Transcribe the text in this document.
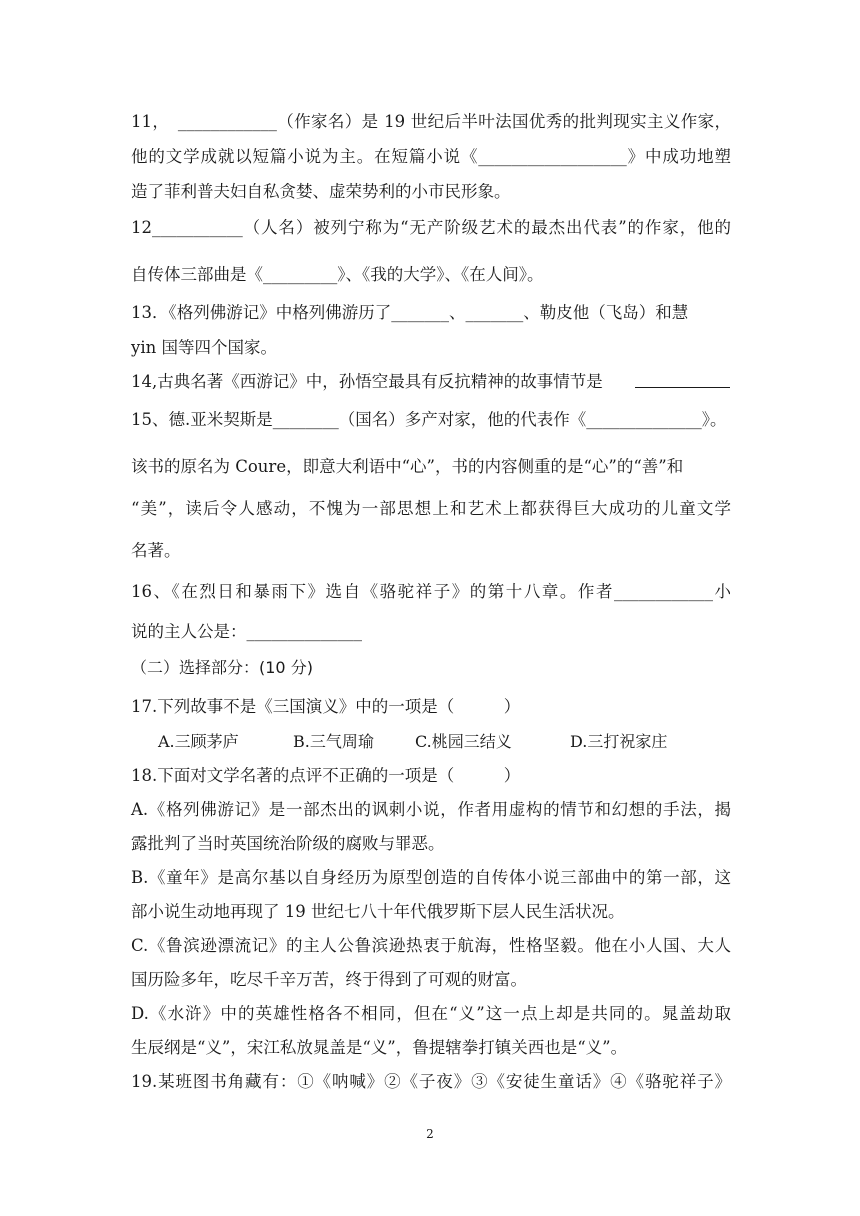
11，　____________（作家名）是 19 世纪后半叶法国优秀的批判现实主义作家，
他的文学成就以短篇小说为主。在短篇小说《__________________》中成功地塑
造了菲利普夫妇自私贪婪、虚荣势利的小市民形象。
12___________（人名）被列宁称为“无产阶级艺术的最杰出代表”的作家，他的
自传体三部曲是《_________》、《我的大学》、《在人间》。
13．《格列佛游记》中格列佛游历了_______、_______、勒皮他（飞岛）和慧
yin 国等四个国家。
14,古典名著《西游记》中，孙悟空最具有反抗精神的故事情节是
15、德.亚米契斯是________（国名）多产对家，他的代表作《______________》。
该书的原名为 Coure，即意大利语中“心”，书的内容侧重的是“心”的“善”和
“美”，读后令人感动，不愧为一部思想上和艺术上都获得巨大成功的儿童文学
名著。
16、《在烈日和暴雨下》选自《骆驼祥子》的第十八章。作者____________小
说的主人公是：______________
（二）选择部分：(10 分)
17.下列故事不是《三国演义》中的一项是（　　　）
A.三顾茅庐	B.三气周瑜	C.桃园三结义	D.三打祝家庄
18.下面对文学名著的点评不正确的一项是（　　　）
A.《格列佛游记》是一部杰出的讽刺小说，作者用虚构的情节和幻想的手法，揭
露批判了当时英国统治阶级的腐败与罪恶。
B.《童年》是高尔基以自身经历为原型创造的自传体小说三部曲中的第一部，这
部小说生动地再现了 19 世纪七八十年代俄罗斯下层人民生活状况。
C.《鲁滨逊漂流记》的主人公鲁滨逊热衷于航海，性格坚毅。他在小人国、大人
国历险多年，吃尽千辛万苦，终于得到了可观的财富。
D.《水浒》中的英雄性格各不相同，但在“义”这一点上却是共同的。晁盖劫取
生辰纲是“义”，宋江私放晁盖是“义”，鲁提辖拳打镇关西也是“义”。
19.某班图书角藏有：①《呐喊》②《子夜》③《安徒生童话》④《骆驼祥子》
2
